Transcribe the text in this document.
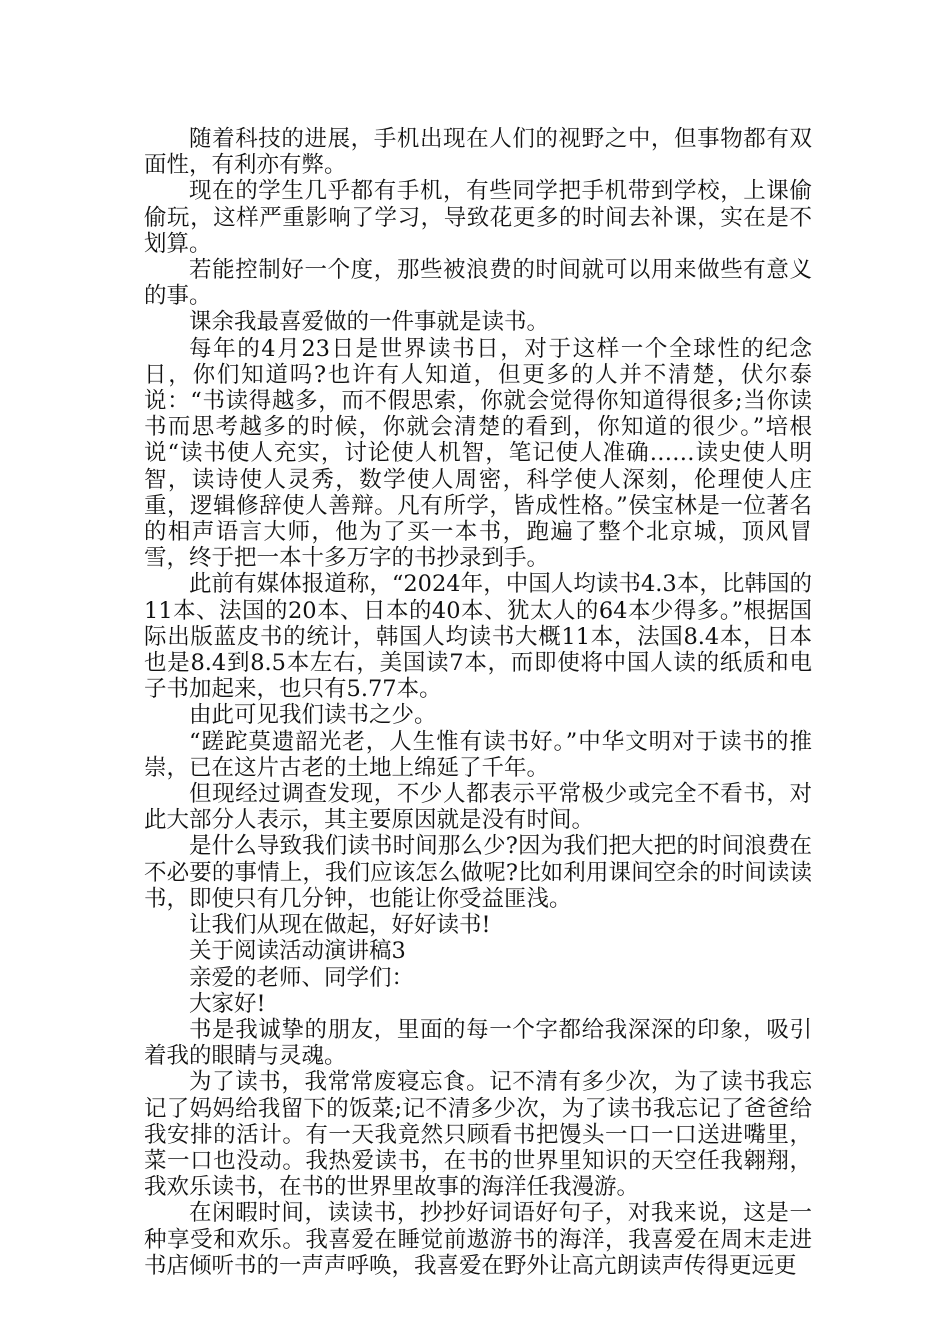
随着科技的进展，手机出现在人们的视野之中，但事物都有双面性，有利亦有弊。

现在的学生几乎都有手机，有些同学把手机带到学校，上课偷偷玩，这样严重影响了学习，导致花更多的时间去补课，实在是不划算。

若能控制好一个度，那些被浪费的时间就可以用来做些有意义的事。

课余我最喜爱做的一件事就是读书。

每年的4月23日是世界读书日，对于这样一个全球性的纪念日，你们知道吗?也许有人知道，但更多的人并不清楚，伏尔泰说：“书读得越多，而不假思索，你就会觉得你知道得很多;当你读书而思考越多的时候，你就会清楚的看到，你知道的很少。”培根说“读书使人充实，讨论使人机智，笔记使人准确……读史使人明智，读诗使人灵秀，数学使人周密，科学使人深刻，伦理使人庄重，逻辑修辞使人善辩。凡有所学，皆成性格。”侯宝林是一位著名的相声语言大师，他为了买一本书，跑遍了整个北京城，顶风冒雪，终于把一本十多万字的书抄录到手。

此前有媒体报道称，“2024年，中国人均读书4.3本，比韩国的11本、法国的20本、日本的40本、犹太人的64本少得多。”根据国际出版蓝皮书的统计，韩国人均读书大概11本，法国8.4本，日本也是8.4到8.5本左右，美国读7本，而即使将中国人读的纸质和电子书加起来，也只有5.77本。

由此可见我们读书之少。

“蹉跎莫遗韶光老，人生惟有读书好。”中华文明对于读书的推崇，已在这片古老的土地上绵延了千年。

但现经过调查发现，不少人都表示平常极少或完全不看书，对此大部分人表示，其主要原因就是没有时间。

是什么导致我们读书时间那么少?因为我们把大把的时间浪费在不必要的事情上，我们应该怎么做呢?比如利用课间空余的时间读读书，即使只有几分钟，也能让你受益匪浅。

让我们从现在做起，好好读书!

关于阅读活动演讲稿3

亲爱的老师、同学们：

大家好!

书是我诚挚的朋友，里面的每一个字都给我深深的印象，吸引着我的眼睛与灵魂。

为了读书，我常常废寝忘食。记不清有多少次，为了读书我忘记了妈妈给我留下的饭菜;记不清多少次，为了读书我忘记了爸爸给我安排的活计。有一天我竟然只顾看书把馒头一口一口送进嘴里，菜一口也没动。我热爱读书，在书的世界里知识的天空任我翱翔，我欢乐读书，在书的世界里故事的海洋任我漫游。

在闲暇时间，读读书，抄抄好词语好句子，对我来说，这是一种享受和欢乐。我喜爱在睡觉前遨游书的海洋，我喜爱在周末走进书店倾听书的一声声呼唤，我喜爱在野外让高亢朗读声传得更远更
